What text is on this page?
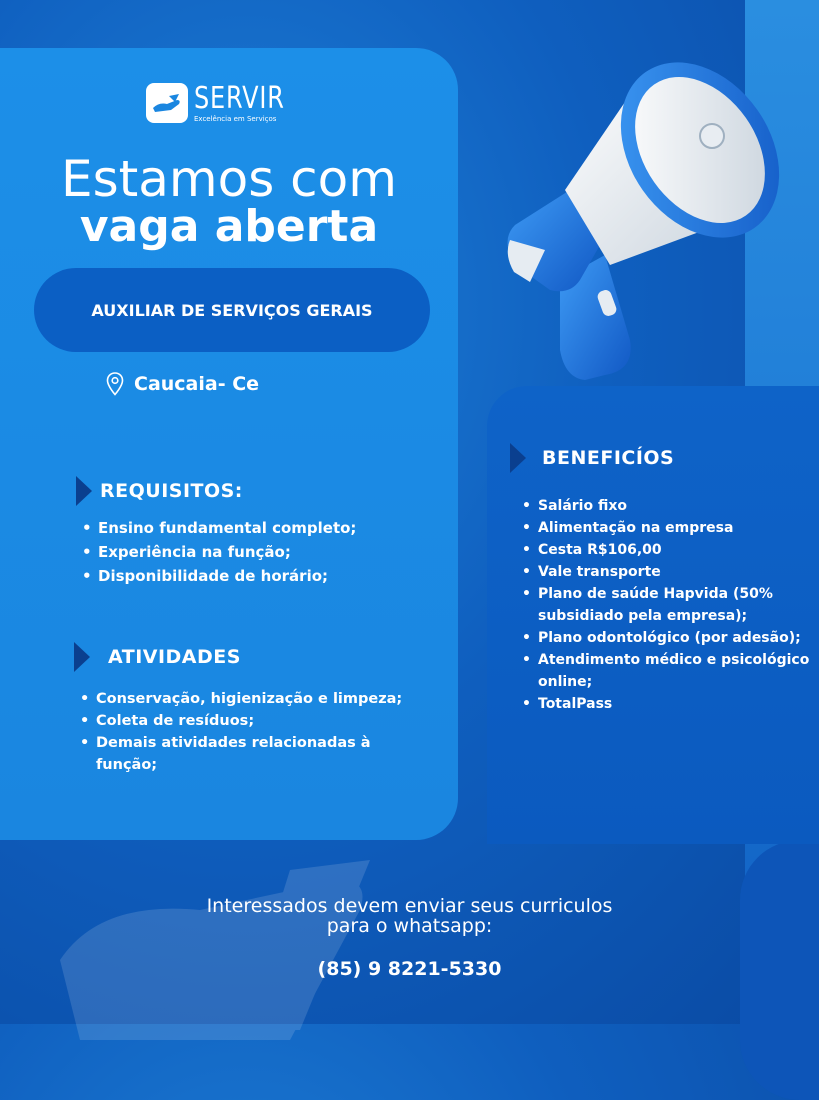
SERVIR
Excelência em Serviços
Estamos com
vaga aberta
AUXILIAR DE SERVIÇOS GERAIS
Caucaia- Ce
REQUISITOS:
• Ensino fundamental completo;
• Experiência na função;
• Disponibilidade de horário;
ATIVIDADES
• Conservação, higienização e limpeza;
• Coleta de resíduos;
• Demais atividades relacionadas à função;
BENEFICÍOS
• Salário fixo
• Alimentação na empresa
• Cesta R$106,00
• Vale transporte
• Plano de saúde Hapvida (50% subsidiado pela empresa);
• Plano odontológico (por adesão);
• Atendimento médico e psicológico online;
• TotalPass
Interessados devem enviar seus curriculos
para o whatsapp:
(85) 9 8221-5330
